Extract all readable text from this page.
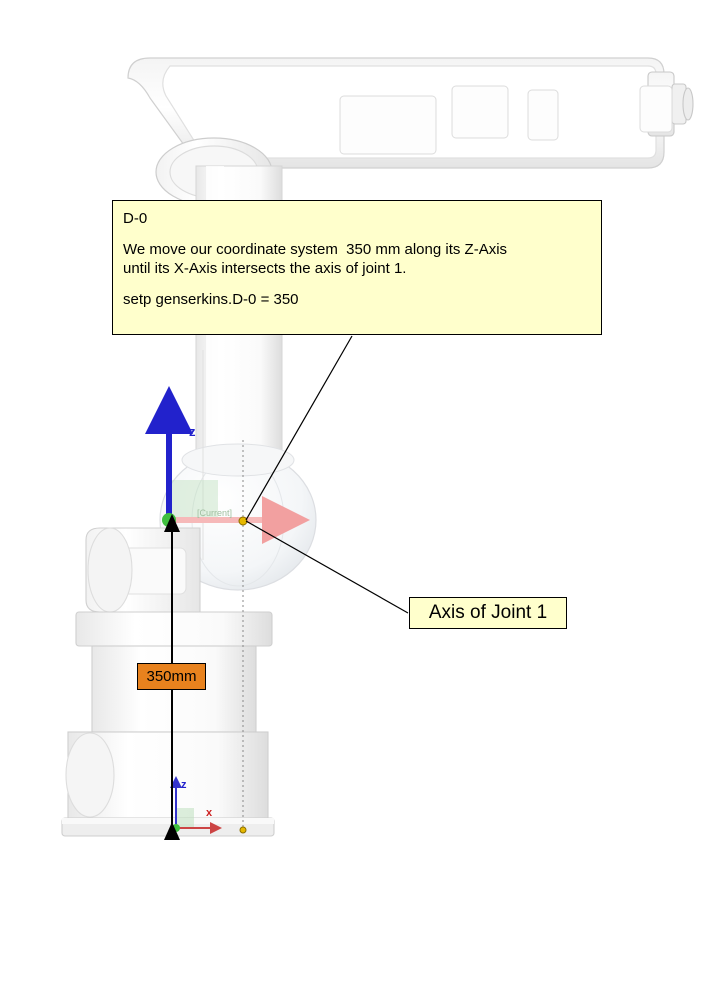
D-0
We move our coordinate system  350 mm along its Z-Axis
until its X-Axis intersects the axis of joint 1.
setp genserkins.D-0 = 350
Axis of Joint 1
350mm
z
z
x
[Current]
